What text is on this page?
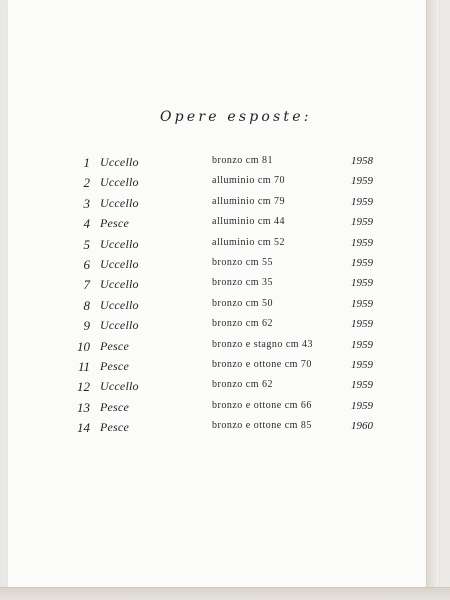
Opere esposte:
1 Uccello	bronzo cm 81	1958
2 Uccello	alluminio cm 70	1959
3 Uccello	alluminio cm 79	1959
4 Pesce	alluminio cm 44	1959
5 Uccello	alluminio cm 52	1959
6 Uccello	bronzo cm 55	1959
7 Uccello	bronzo cm 35	1959
8 Uccello	bronzo cm 50	1959
9 Uccello	bronzo cm 62	1959
10 Pesce	bronzo e stagno cm 43	1959
11 Pesce	bronzo e ottone cm 70	1959
12 Uccello	bronzo cm 62	1959
13 Pesce	bronzo e ottone cm 66	1959
14 Pesce	bronzo e ottone cm 85	1960
